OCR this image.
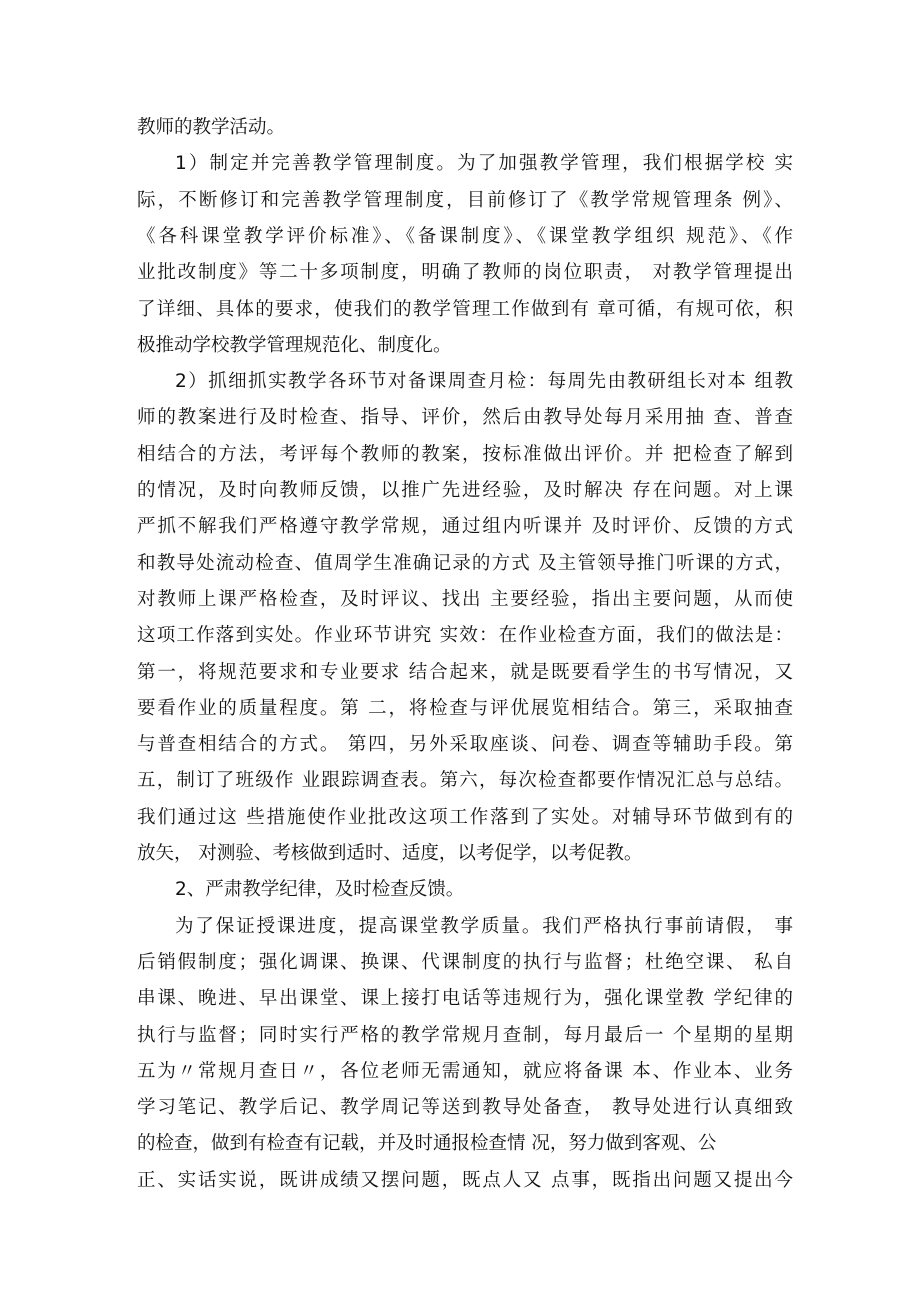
教师的教学活动。
1）制定并完善教学管理制度。为了加强教学管理，我们根据学校 实
际，不断修订和完善教学管理制度，目前修订了《教学常规管理条 例》、
《各科课堂教学评价标准》、《备课制度》、《课堂教学组织 规范》、《作
业批改制度》等二十多项制度，明确了教师的岗位职责， 对教学管理提出
了详细、具体的要求，使我们的教学管理工作做到有 章可循，有规可依，积
极推动学校教学管理规范化、制度化。
2）抓细抓实教学各环节对备课周查月检：每周先由教研组长对本 组教
师的教案进行及时检查、指导、评价，然后由教导处每月采用抽 查、普查
相结合的方法，考评每个教师的教案，按标准做出评价。并 把检查了解到
的情况，及时向教师反馈，以推广先进经验，及时解决 存在问题。对上课
严抓不解我们严格遵守教学常规，通过组内听课并 及时评价、反馈的方式
和教导处流动检查、值周学生准确记录的方式 及主管领导推门听课的方式，
对教师上课严格检查，及时评议、找出 主要经验，指出主要问题，从而使
这项工作落到实处。作业环节讲究 实效：在作业检查方面，我们的做法是：
第一，将规范要求和专业要求 结合起来，就是既要看学生的书写情况，又
要看作业的质量程度。第 二，将检查与评优展览相结合。第三，采取抽查
与普查相结合的方式。 第四，另外采取座谈、问卷、调查等辅助手段。第
五，制订了班级作 业跟踪调查表。第六，每次检查都要作情况汇总与总结。
我们通过这 些措施使作业批改这项工作落到了实处。对辅导环节做到有的
放矢， 对测验、考核做到适时、适度，以考促学，以考促教。
2、严肃教学纪律，及时检查反馈。
为了保证授课进度，提高课堂教学质量。我们严格执行事前请假， 事
后销假制度；强化调课、换课、代课制度的执行与监督；杜绝空课、 私自
串课、晚进、早出课堂、课上接打电话等违规行为，强化课堂教 学纪律的
执行与监督；同时实行严格的教学常规月查制，每月最后一 个星期的星期
五为〃常规月查日〃，各位老师无需通知，就应将备课 本、作业本、业务
学习笔记、教学后记、教学周记等送到教导处备查， 教导处进行认真细致
的检查，做到有检查有记载，并及时通报检查情 况，努力做到客观、公
正、实话实说，既讲成绩又摆问题，既点人又 点事，既指出问题又提出今
